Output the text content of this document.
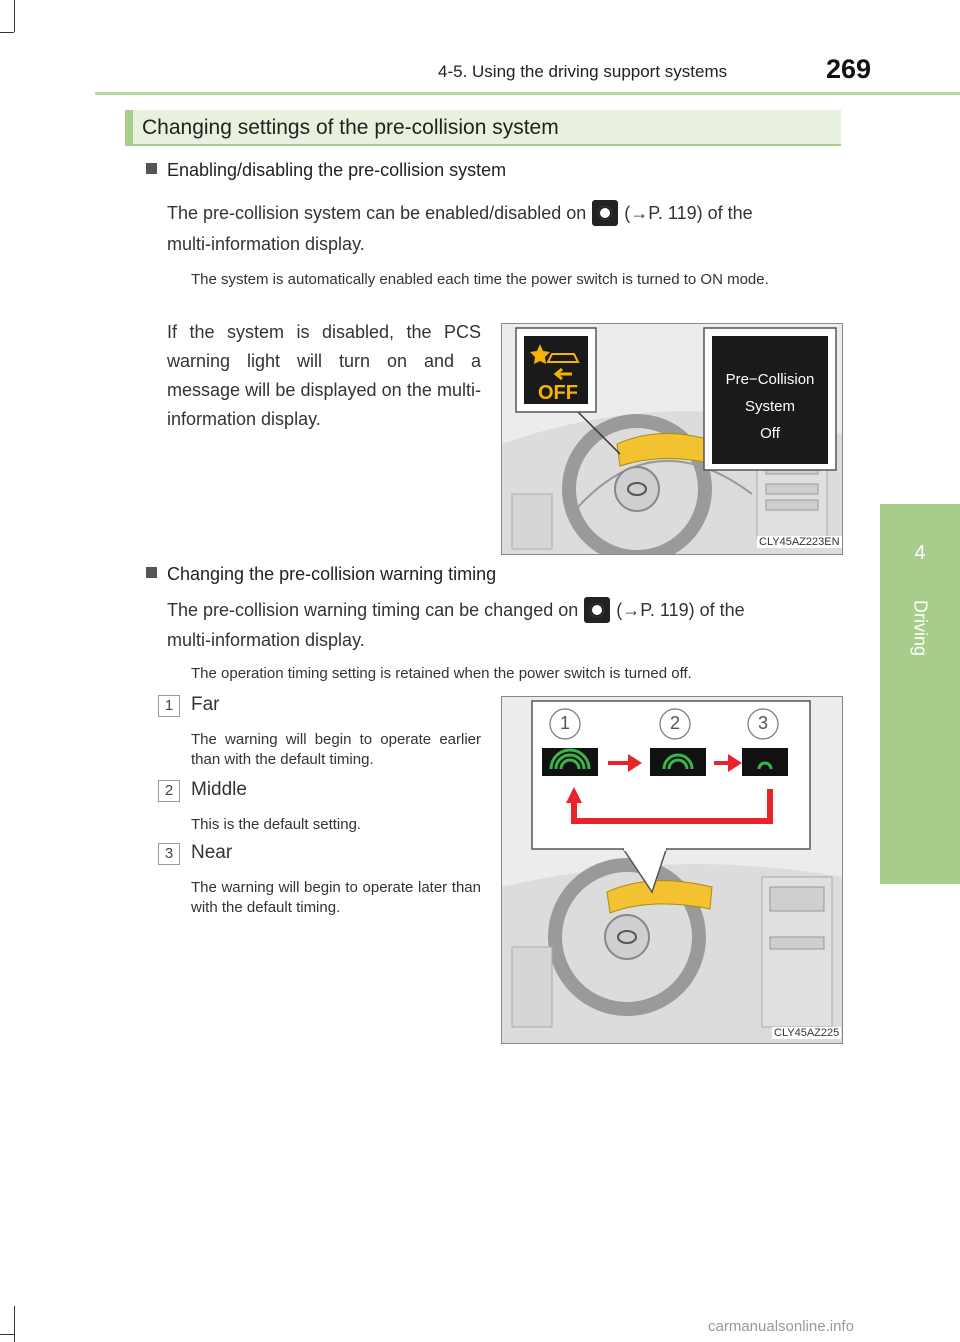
4-5. Using the driving support systems	269
4
Driving
Changing settings of the pre-collision system
Enabling/disabling the pre-collision system
The pre-collision system can be enabled/disabled on (→P. 119) of the
multi-information display.
The system is automatically enabled each time the power switch is turned to ON mode.
If the system is disabled, the PCS warning light will turn on and a message will be displayed on the multi-information display.
OFF
Pre−Collision
System
Off
CLY45AZ223EN
Changing the pre-collision warning timing
The pre-collision warning timing can be changed on (→P. 119) of the
multi-information display.
The operation timing setting is retained when the power switch is turned off.
1 Far
The warning will begin to operate earlier than with the default timing.
2 Middle
This is the default setting.
3 Near
The warning will begin to operate later than with the default timing.
1	2	3
CLY45AZ225
carmanualsonline.info
